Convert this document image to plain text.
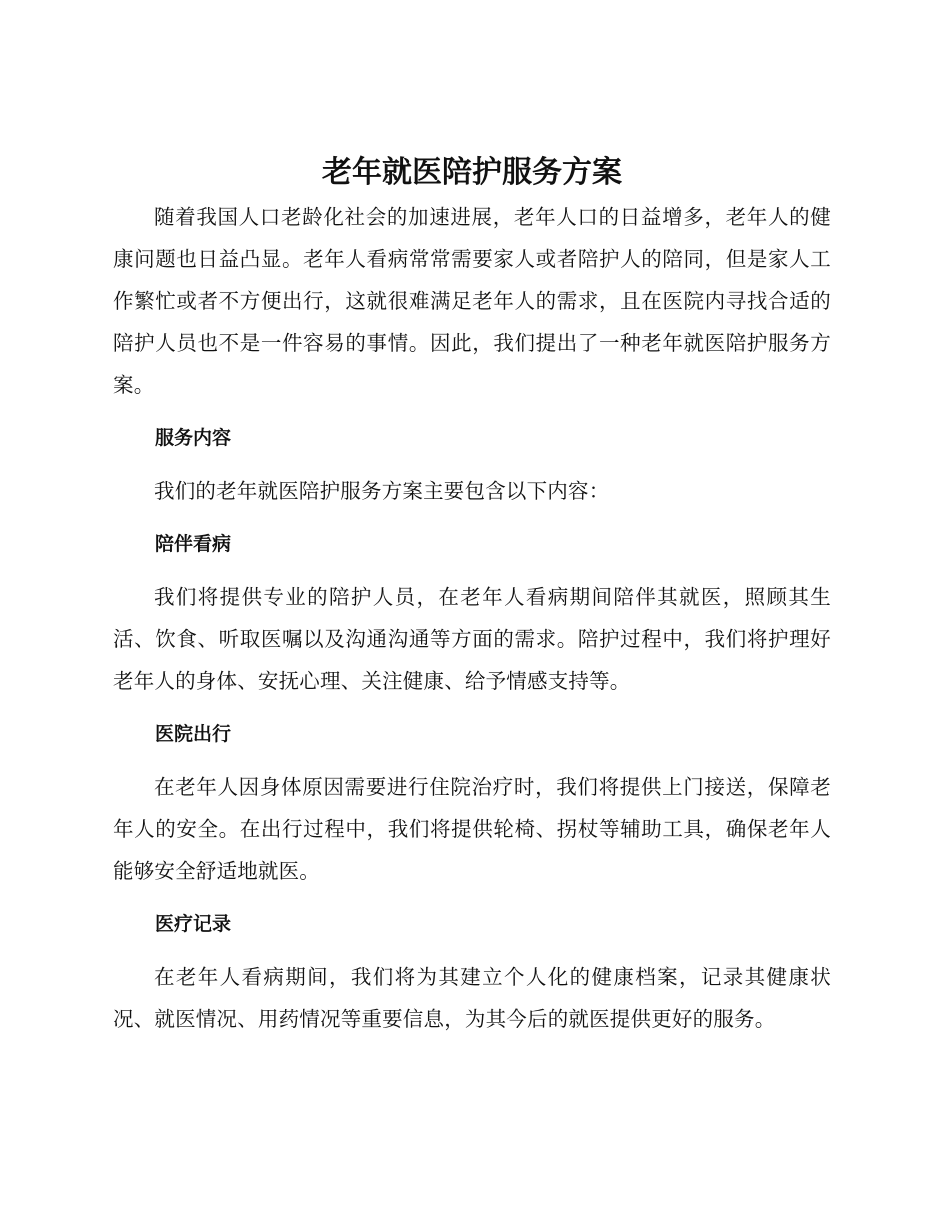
老年就医陪护服务方案

随着我国人口老龄化社会的加速进展，老年人口的日益增多，老年人的健康问题也日益凸显。老年人看病常常需要家人或者陪护人的陪同，但是家人工作繁忙或者不方便出行，这就很难满足老年人的需求，且在医院内寻找合适的陪护人员也不是一件容易的事情。因此，我们提出了一种老年就医陪护服务方案。

服务内容

我们的老年就医陪护服务方案主要包含以下内容：

陪伴看病

我们将提供专业的陪护人员，在老年人看病期间陪伴其就医，照顾其生活、饮食、听取医嘱以及沟通沟通等方面的需求。陪护过程中，我们将护理好老年人的身体、安抚心理、关注健康、给予情感支持等。

医院出行

在老年人因身体原因需要进行住院治疗时，我们将提供上门接送，保障老年人的安全。在出行过程中，我们将提供轮椅、拐杖等辅助工具，确保老年人能够安全舒适地就医。

医疗记录

在老年人看病期间，我们将为其建立个人化的健康档案，记录其健康状况、就医情况、用药情况等重要信息，为其今后的就医提供更好的服务。
